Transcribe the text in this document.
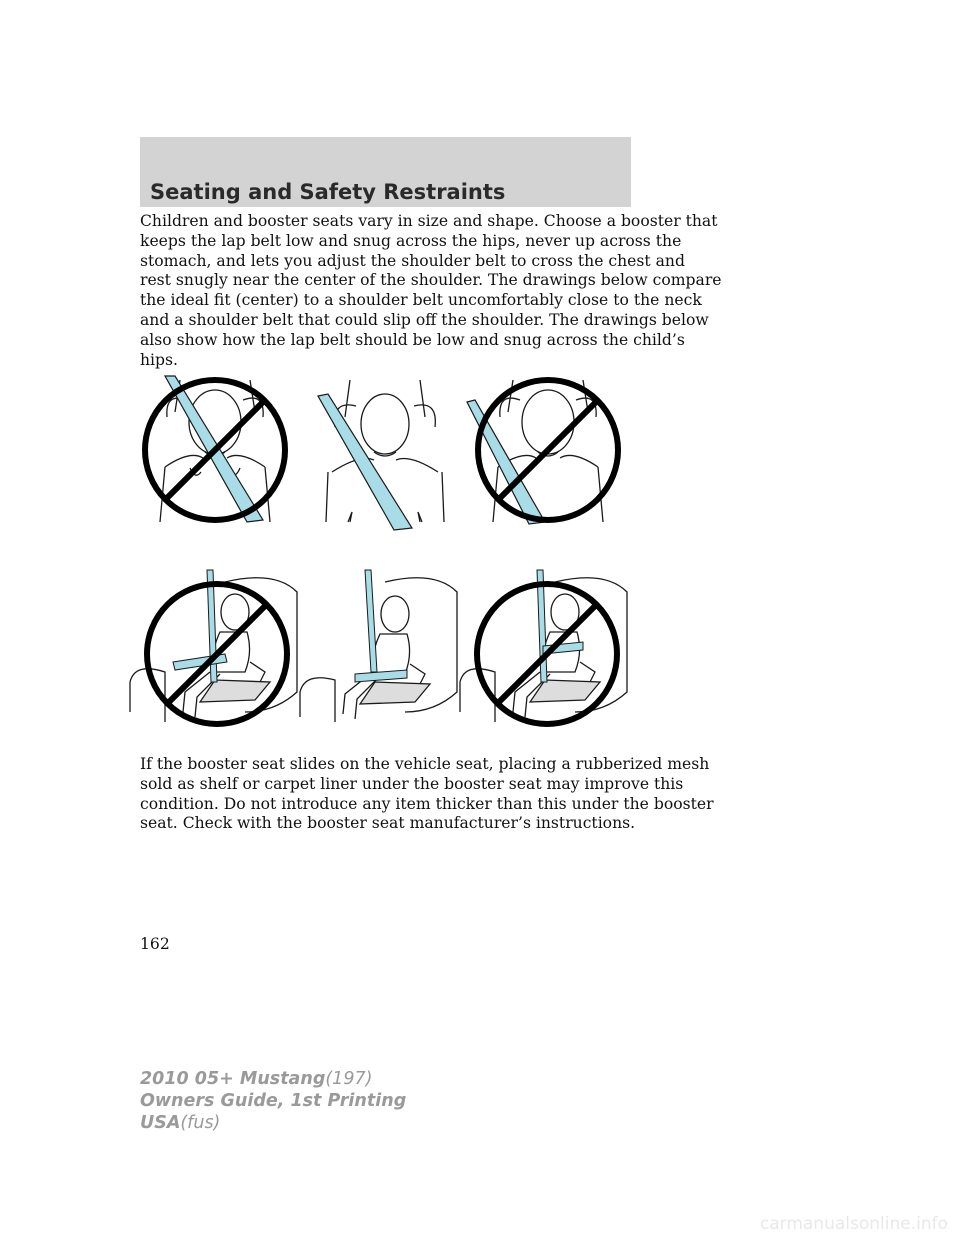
Seating and Safety Restraints

Children and booster seats vary in size and shape. Choose a booster that
keeps the lap belt low and snug across the hips, never up across the
stomach, and lets you adjust the shoulder belt to cross the chest and
rest snugly near the center of the shoulder. The drawings below compare
the ideal fit (center) to a shoulder belt uncomfortably close to the neck
and a shoulder belt that could slip off the shoulder. The drawings below
also show how the lap belt should be low and snug across the child’s
hips.

If the booster seat slides on the vehicle seat, placing a rubberized mesh
sold as shelf or carpet liner under the booster seat may improve this
condition. Do not introduce any item thicker than this under the booster
seat. Check with the booster seat manufacturer’s instructions.

162
2010 05+ Mustang(197)
Owners Guide, 1st Printing
USA(fus)
carmanualsonline.info
